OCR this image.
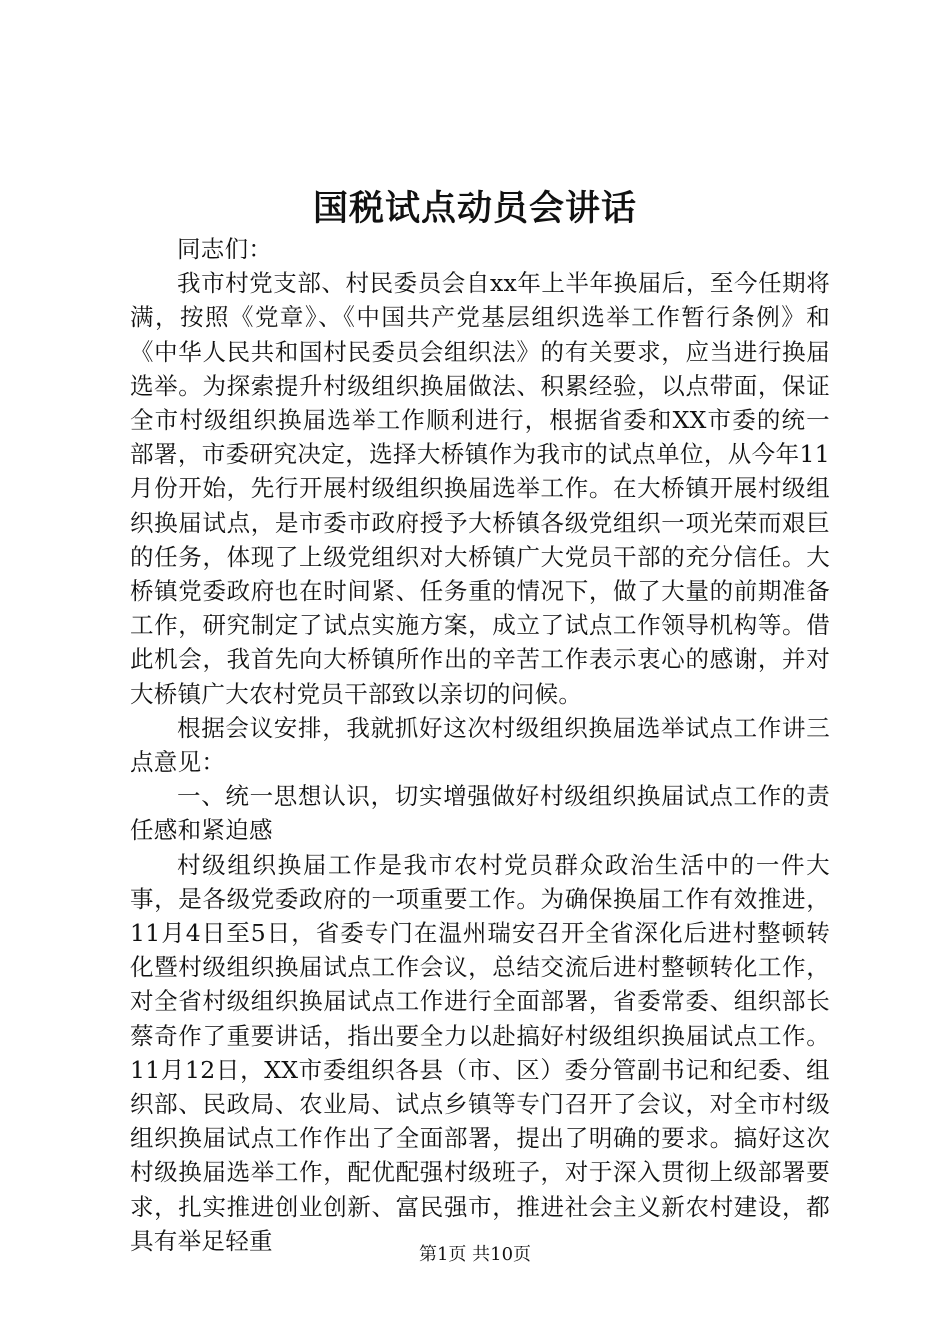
国税试点动员会讲话

同志们：

我市村党支部、村民委员会自xx年上半年换届后，至今任期将满，按照《党章》、《中国共产党基层组织选举工作暂行条例》和《中华人民共和国村民委员会组织法》的有关要求，应当进行换届选举。为探索提升村级组织换届做法、积累经验，以点带面，保证全市村级组织换届选举工作顺利进行，根据省委和XX市委的统一部署，市委研究决定，选择大桥镇作为我市的试点单位，从今年11月份开始，先行开展村级组织换届选举工作。在大桥镇开展村级组织换届试点，是市委市政府授予大桥镇各级党组织一项光荣而艰巨的任务，体现了上级党组织对大桥镇广大党员干部的充分信任。大桥镇党委政府也在时间紧、任务重的情况下，做了大量的前期准备工作，研究制定了试点实施方案，成立了试点工作领导机构等。借此机会，我首先向大桥镇所作出的辛苦工作表示衷心的感谢，并对大桥镇广大农村党员干部致以亲切的问候。

根据会议安排，我就抓好这次村级组织换届选举试点工作讲三点意见：

一、统一思想认识，切实增强做好村级组织换届试点工作的责任感和紧迫感

村级组织换届工作是我市农村党员群众政治生活中的一件大事，是各级党委政府的一项重要工作。为确保换届工作有效推进，11月4日至5日，省委专门在温州瑞安召开全省深化后进村整顿转化暨村级组织换届试点工作会议，总结交流后进村整顿转化工作，对全省村级组织换届试点工作进行全面部署，省委常委、组织部长蔡奇作了重要讲话，指出要全力以赴搞好村级组织换届试点工作。11月12日，XX市委组织各县（市、区）委分管副书记和纪委、组织部、民政局、农业局、试点乡镇等专门召开了会议，对全市村级组织换届试点工作作出了全面部署，提出了明确的要求。搞好这次村级换届选举工作，配优配强村级班子，对于深入贯彻上级部署要求，扎实推进创业创新、富民强市，推进社会主义新农村建设，都具有举足轻重	第1页 共10页
